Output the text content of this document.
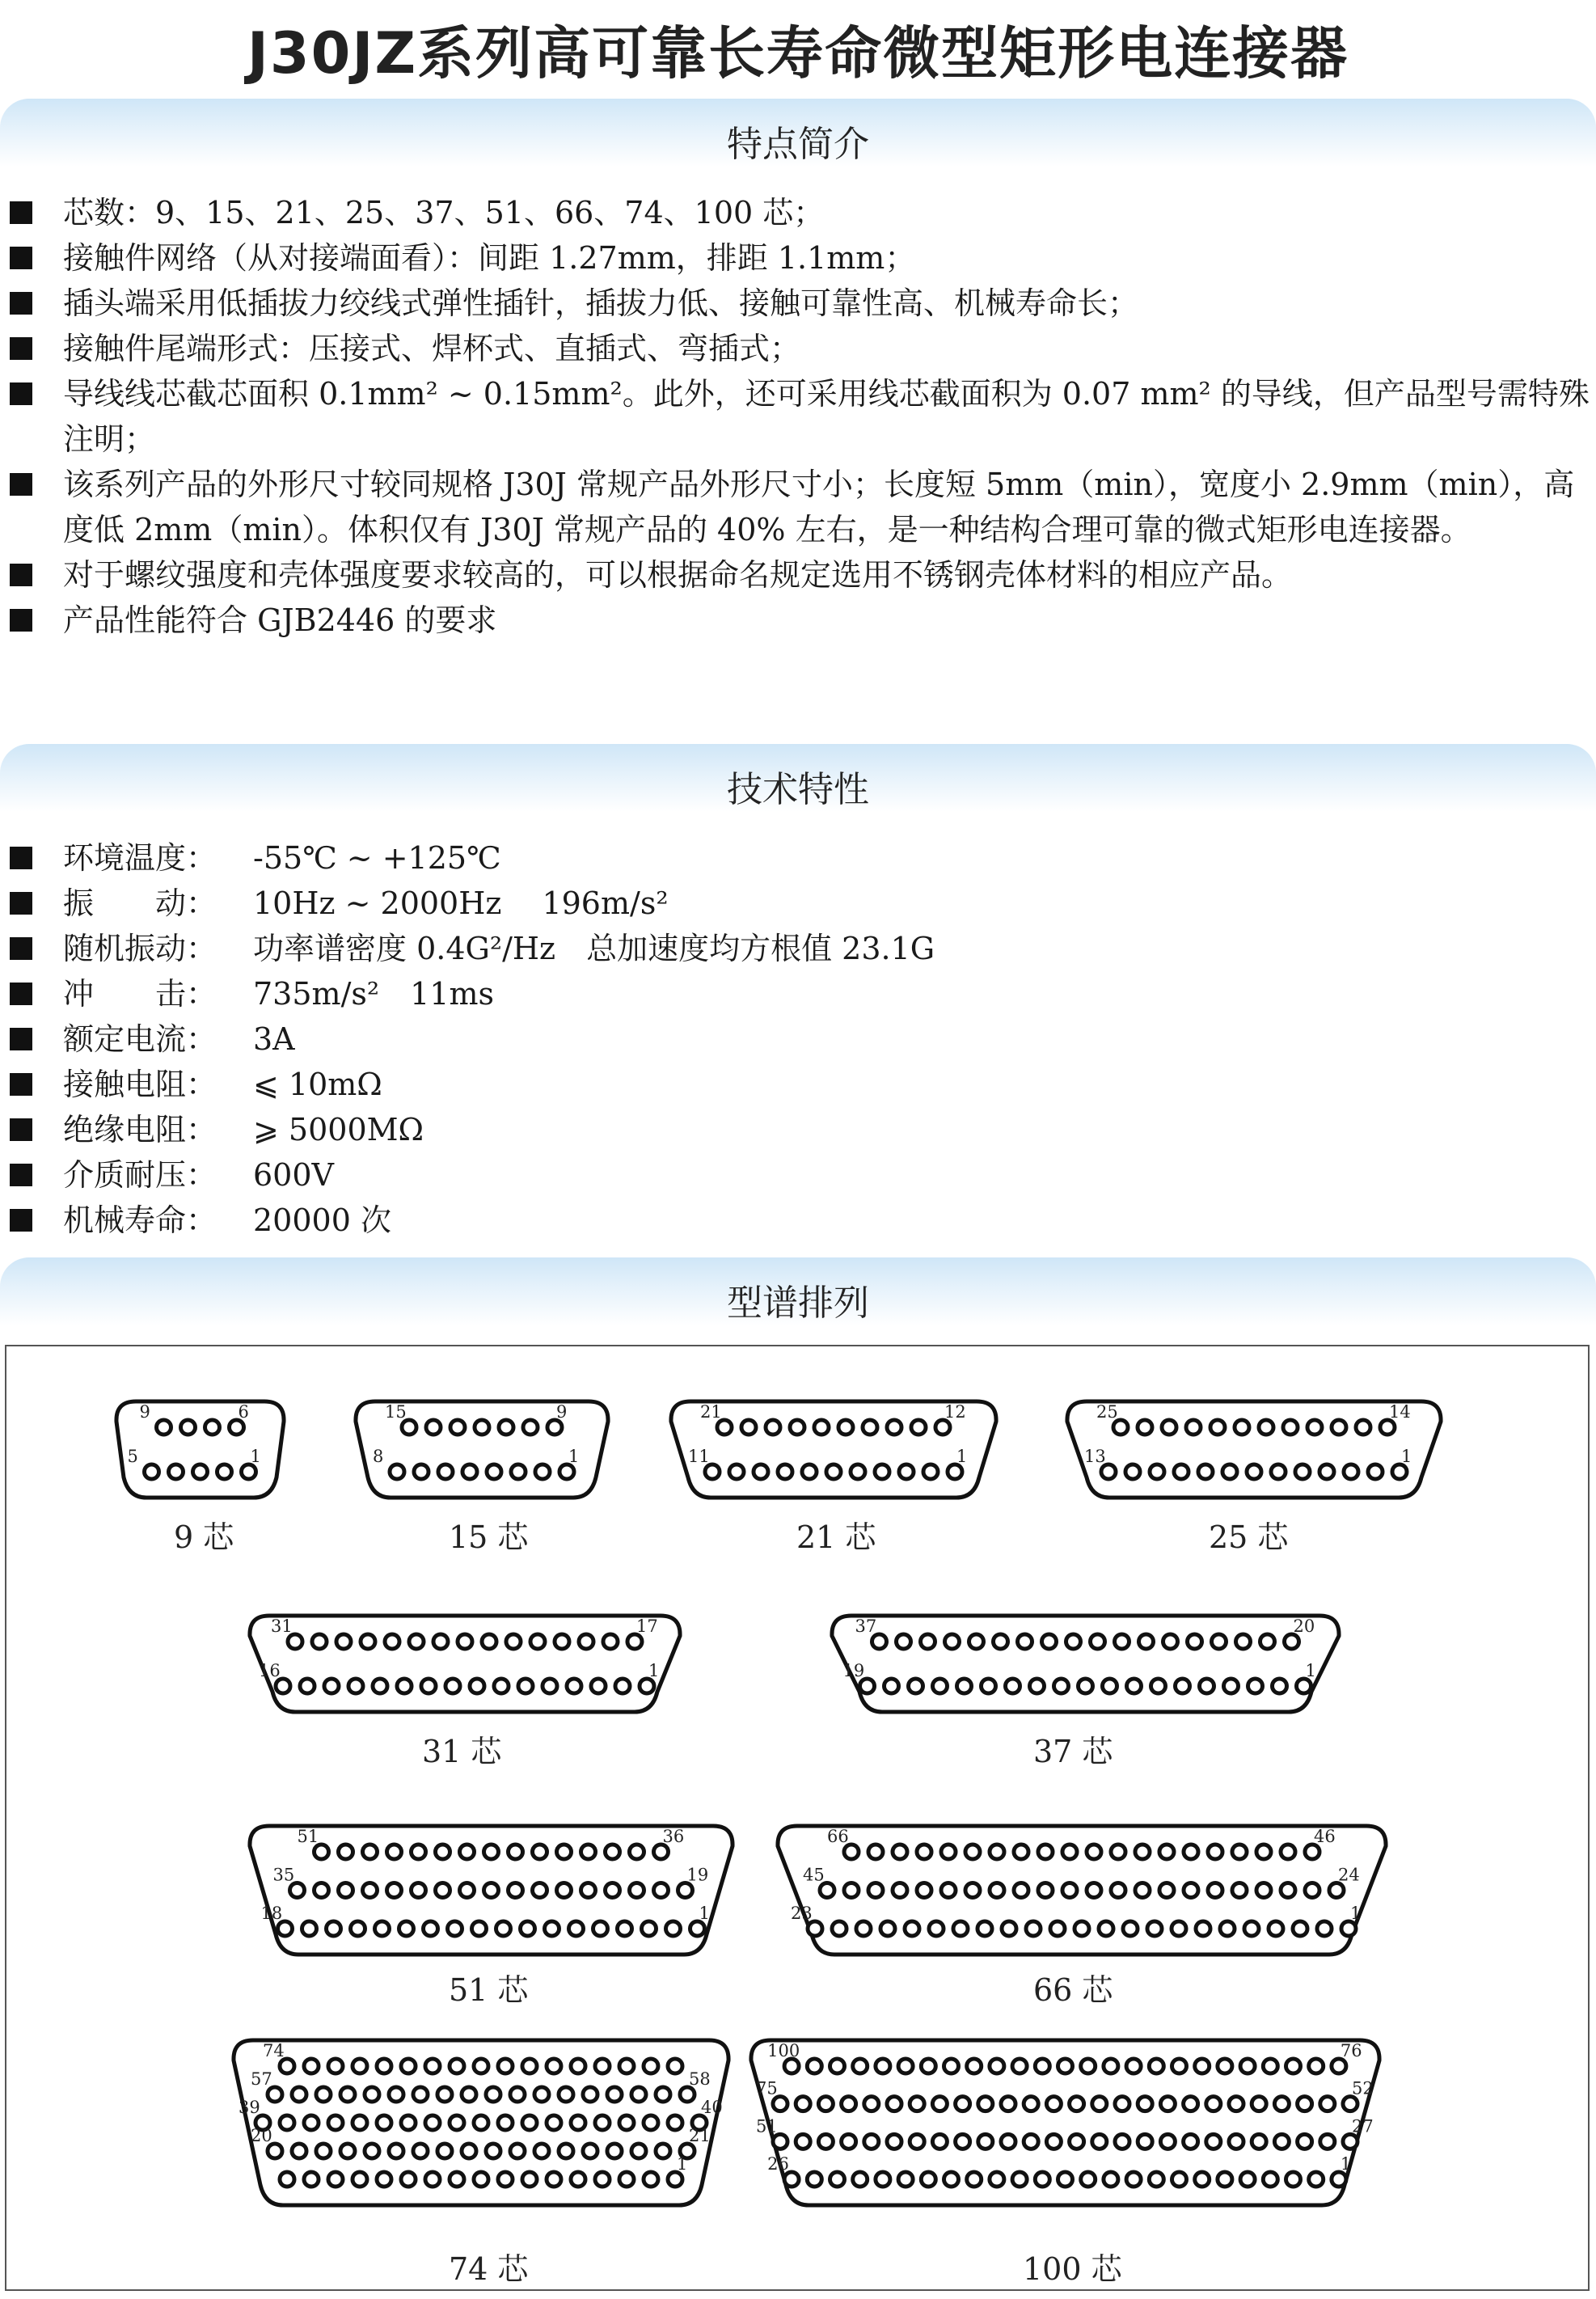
J30JZ系列高可靠长寿命微型矩形电连接器
特点简介
芯数：9、15、21、25、37、51、66、74、100 芯；
接触件网络（从对接端面看）：间距 1.27mm，排距 1.1mm；
插头端采用低插拔力绞线式弹性插针，插拔力低、接触可靠性高、机械寿命长；
接触件尾端形式：压接式、焊杯式、直插式、弯插式；
导线线芯截芯面积 0.1mm² ~ 0.15mm²。此外，还可采用线芯截面积为 0.07 mm² 的导线，但产品型号需特殊注明；
该系列产品的外形尺寸较同规格 J30J 常规产品外形尺寸小；长度短 5mm（min），宽度小 2.9mm（min），高度低 2mm（min）。体积仅有 J30J 常规产品的 40% 左右，是一种结构合理可靠的微式矩形电连接器。
对于螺纹强度和壳体强度要求较高的，可以根据命名规定选用不锈钢壳体材料的相应产品。
产品性能符合 GJB2446 的要求
技术特性
环境温度： -55℃ ~ +125℃
振　　动： 10Hz ~ 2000Hz　 196m/s²
随机振动： 功率谱密度 0.4G²/Hz　总加速度均方根值 23.1G
冲　　击： 735m/s²　11ms
额定电流： 3A
接触电阻： ⩽ 10mΩ
绝缘电阻： ⩾ 5000MΩ
介质耐压： 600V
机械寿命： 20000 次
型谱排列
9	6
5	1
9 芯
15	9
8	1
15 芯
21	12
11	1
21 芯
25	14
13	1
25 芯
31	17
16	1
31 芯
37	20
19	1
37 芯
51	36
35	19
18	1
51 芯
66	46
45	24
23	1
66 芯
74
57	58
39	40
20	21
1
74 芯
100	76
75	52
51	27
26	1
100 芯
